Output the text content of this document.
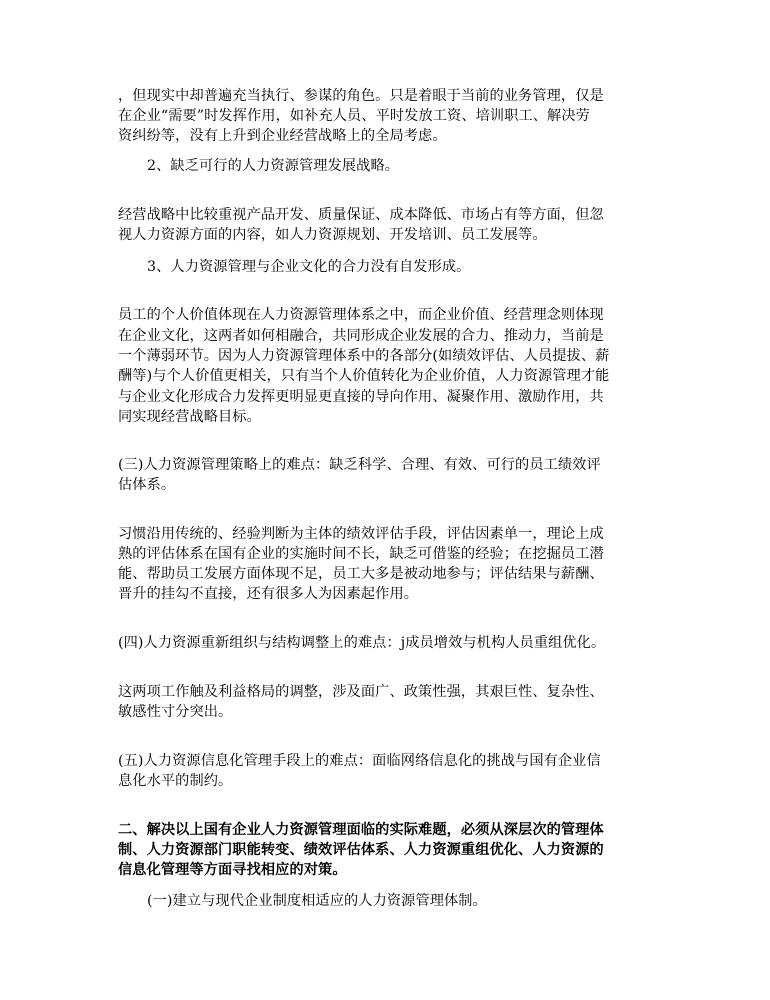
，但现实中却普遍充当执行、参谋的角色。只是着眼于当前的业务管理，仅是
在企业“需要”时发挥作用，如补充人员、平时发放工资、培训职工、解决劳
资纠纷等，没有上升到企业经营战略上的全局考虑。
2、缺乏可行的人力资源管理发展战略。
经营战略中比较重视产品开发、质量保证、成本降低、市场占有等方面，但忽
视人力资源方面的内容，如人力资源规划、开发培训、员工发展等。
3、人力资源管理与企业文化的合力没有自发形成。
员工的个人价值体现在人力资源管理体系之中，而企业价值、经营理念则体现
在企业文化，这两者如何相融合，共同形成企业发展的合力、推动力，当前是
一个薄弱环节。因为人力资源管理体系中的各部分(如绩效评估、人员提拔、薪
酬等)与个人价值更相关，只有当个人价值转化为企业价值，人力资源管理才能
与企业文化形成合力发挥更明显更直接的导向作用、凝聚作用、激励作用，共
同实现经营战略目标。
(三)人力资源管理策略上的难点：缺乏科学、合理、有效、可行的员工绩效评
估体系。
习惯沿用传统的、经验判断为主体的绩效评估手段，评估因素单一，理论上成
熟的评估体系在国有企业的实施时间不长，缺乏可借鉴的经验；在挖掘员工潜
能、帮助员工发展方面体现不足，员工大多是被动地参与；评估结果与薪酬、
晋升的挂勾不直接，还有很多人为因素起作用。
(四)人力资源重新组织与结构调整上的难点：j成员增效与机构人员重组优化。
这两项工作触及利益格局的调整，涉及面广、政策性强，其艰巨性、复杂性、
敏感性寸分突出。
(五)人力资源信息化管理手段上的难点：面临网络信息化的挑战与国有企业信
息化水平的制约。
二、解决以上国有企业人力资源管理面临的实际难题，必须从深层次的管理体
制、人力资源部门职能转变、绩效评估体系、人力资源重组优化、人力资源的
信息化管理等方面寻找相应的对策。
(一)建立与现代企业制度相适应的人力资源管理体制。
